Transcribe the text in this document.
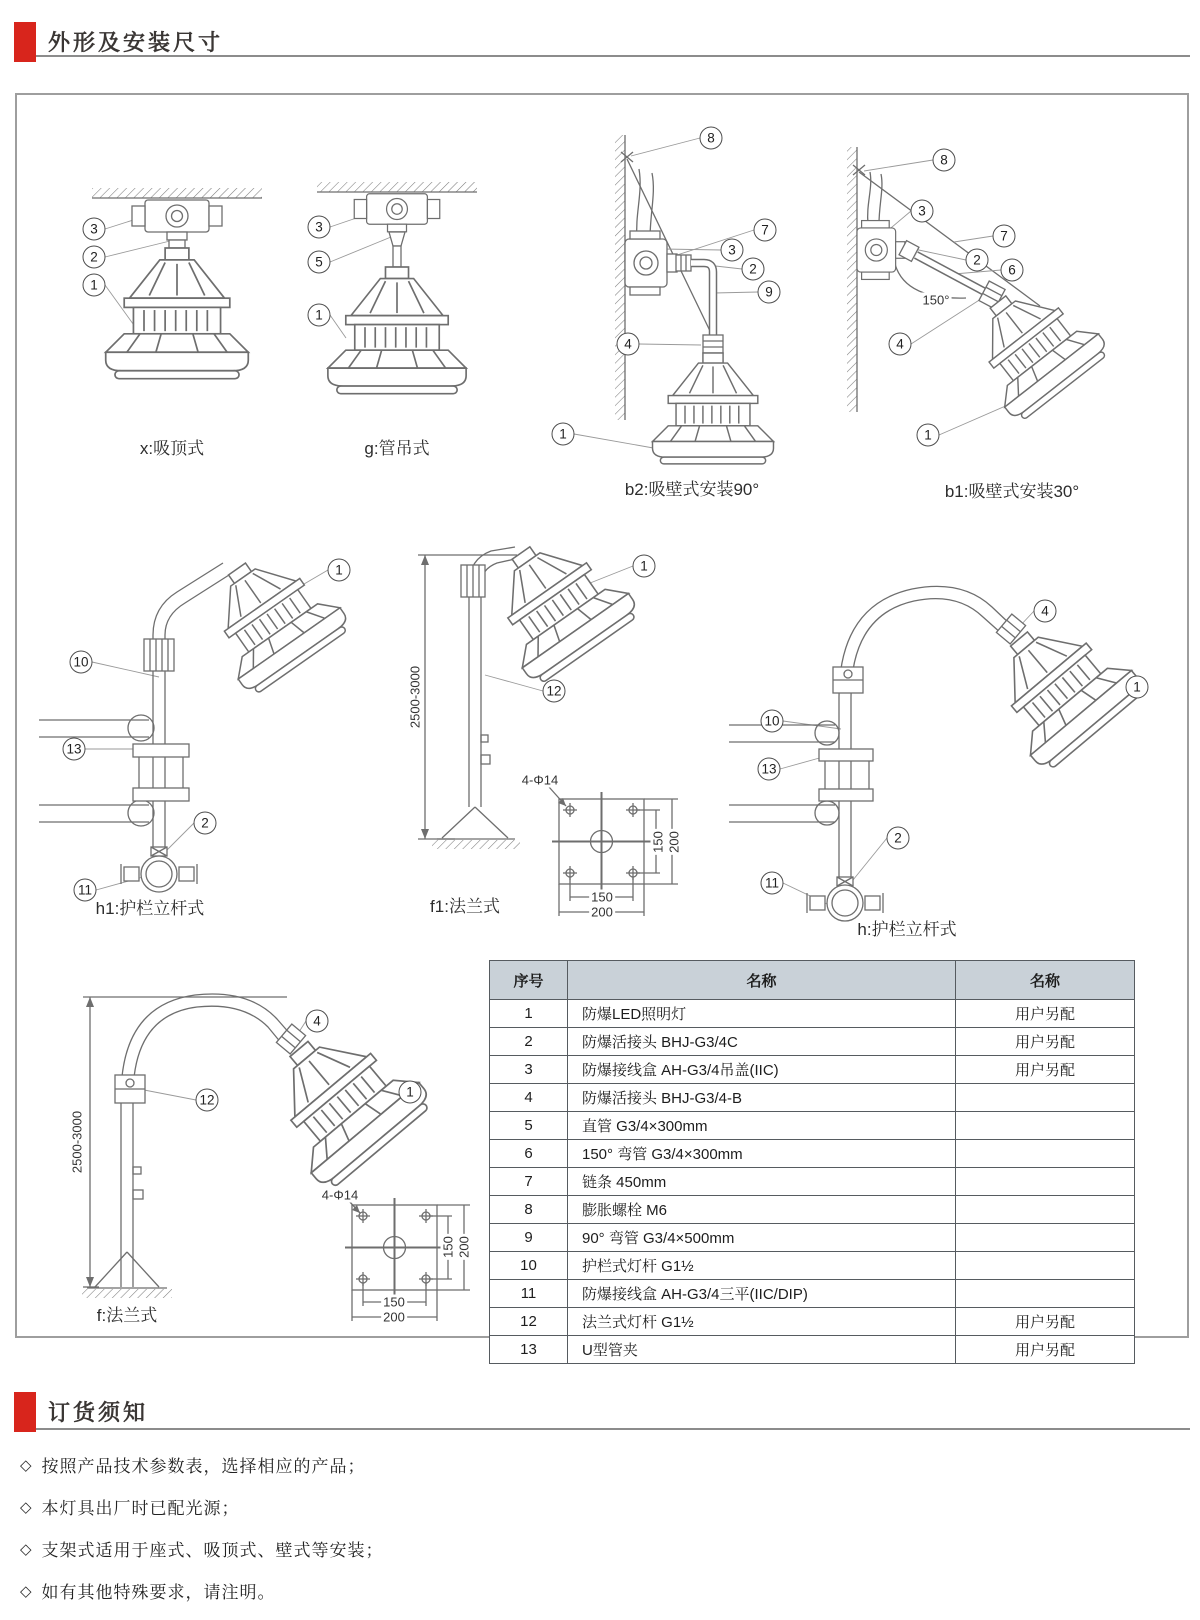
外形及安装尺寸
x:吸顶式
3
2
1
g:管吊式
3
5
1
b2:吸壁式安装90°
8
7
3
2
9
4
1
b1:吸壁式安装30°
8
3
7
2
6
4
1
150°
h1:护栏立杆式
1
10
13
2
11
f1:法兰式
1
12
2500-3000
4-Φ14
150 200
150
200
h:护栏立杆式
4
1
10
13
2
11
f:法兰式
4
12
1
2500-3000
4-Φ14
150 200
150
200
序号	名称	名称
1	防爆LED照明灯	用户另配
2	防爆活接头 BHJ-G3/4C	用户另配
3	防爆接线盒 AH-G3/4吊盖(IIC)	用户另配
4	防爆活接头 BHJ-G3/4-B	
5	直管 G3/4×300mm	
6	150° 弯管 G3/4×300mm	
7	链条 450mm	
8	膨胀螺栓 M6	
9	90° 弯管 G3/4×500mm	
10	护栏式灯杆 G1½	
11	防爆接线盒 AH-G3/4三平(IIC/DIP)	
12	法兰式灯杆 G1½	用户另配
13	U型管夹	用户另配
订货须知
◇ 按照产品技术参数表，选择相应的产品；
◇ 本灯具出厂时已配光源；
◇ 支架式适用于座式、吸顶式、壁式等安装；
◇ 如有其他特殊要求，请注明。
